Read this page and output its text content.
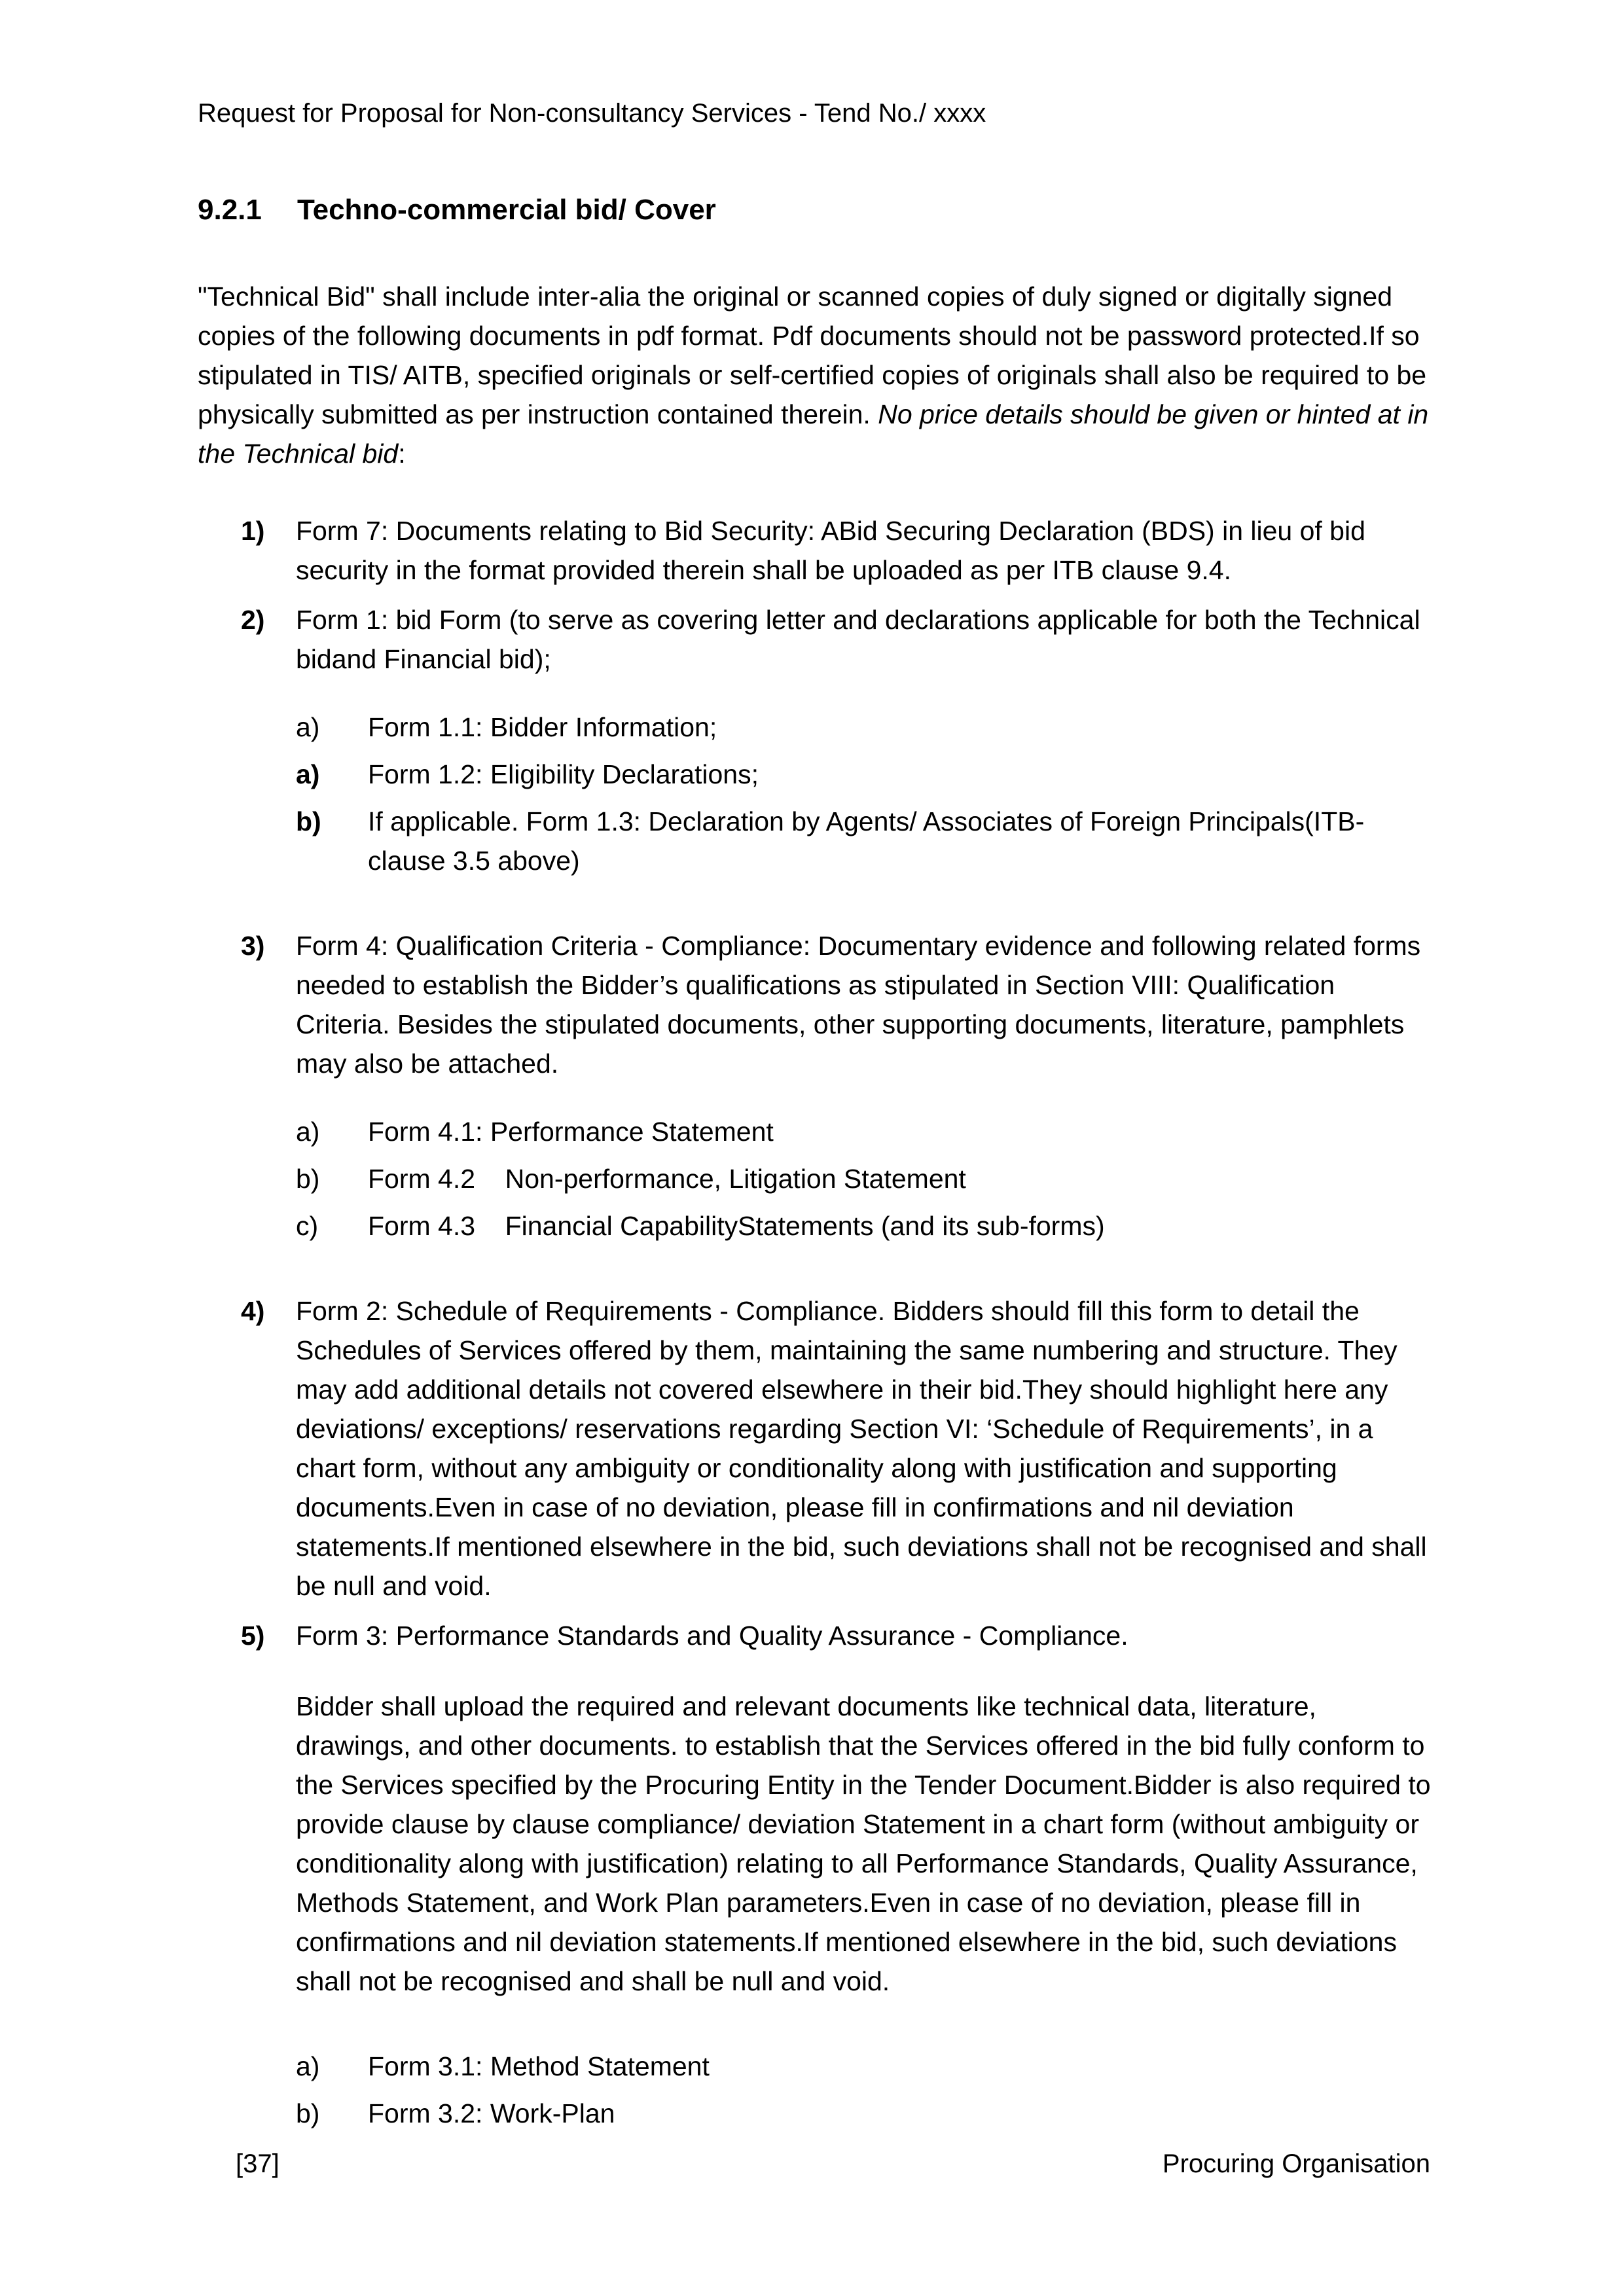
Request for Proposal for Non-consultancy Services - Tend No./ xxxx
9.2.1	Techno-commercial bid/ Cover

"Technical Bid" shall include inter-alia the original or scanned copies of duly signed or digitally signed copies of the following documents in pdf format. Pdf documents should not be password protected.If so stipulated in TIS/ AITB, specified originals or self-certified copies of originals shall also be required to be physically submitted as per instruction contained therein. No price details should be given or hinted at in the Technical bid:

1)	Form 7: Documents relating to Bid Security: ABid Securing Declaration (BDS) in lieu of bid security in the format provided therein shall be uploaded as per ITB clause 9.4.
2)	Form 1: bid Form (to serve as covering letter and declarations applicable for both the Technical bidand Financial bid);
a)	Form 1.1: Bidder Information;
a)	Form 1.2: Eligibility Declarations;
b)	If applicable. Form 1.3: Declaration by Agents/ Associates of Foreign Principals(ITB-clause 3.5 above)
3)	Form 4: Qualification Criteria - Compliance: Documentary evidence and following related forms needed to establish the Bidder’s qualifications as stipulated in Section VIII: Qualification Criteria. Besides the stipulated documents, other supporting documents, literature, pamphlets may also be attached.
a)	Form 4.1: Performance Statement
b)	Form 4.2    Non-performance, Litigation Statement
c)	Form 4.3    Financial CapabilityStatements (and its sub-forms)
4)	Form 2: Schedule of Requirements - Compliance. Bidders should fill this form to detail the Schedules of Services offered by them, maintaining the same numbering and structure. They may add additional details not covered elsewhere in their bid.They should highlight here any deviations/ exceptions/ reservations regarding Section VI: ‘Schedule of Requirements’, in a chart form, without any ambiguity or conditionality along with justification and supporting documents.Even in case of no deviation, please fill in confirmations and nil deviation statements.If mentioned elsewhere in the bid, such deviations shall not be recognised and shall be null and void.
5)	Form 3: Performance Standards and Quality Assurance - Compliance.

Bidder shall upload the required and relevant documents like technical data, literature, drawings, and other documents. to establish that the Services offered in the bid fully conform to the Services specified by the Procuring Entity in the Tender Document.Bidder is also required to provide clause by clause compliance/ deviation Statement in a chart form (without ambiguity or conditionality along with justification) relating to all Performance Standards, Quality Assurance, Methods Statement, and Work Plan parameters.Even in case of no deviation, please fill in confirmations and nil deviation statements.If mentioned elsewhere in the bid, such deviations shall not be recognised and shall be null and void.

a)	Form 3.1: Method Statement
b)	Form 3.2: Work-Plan
[37]	Procuring Organisation
